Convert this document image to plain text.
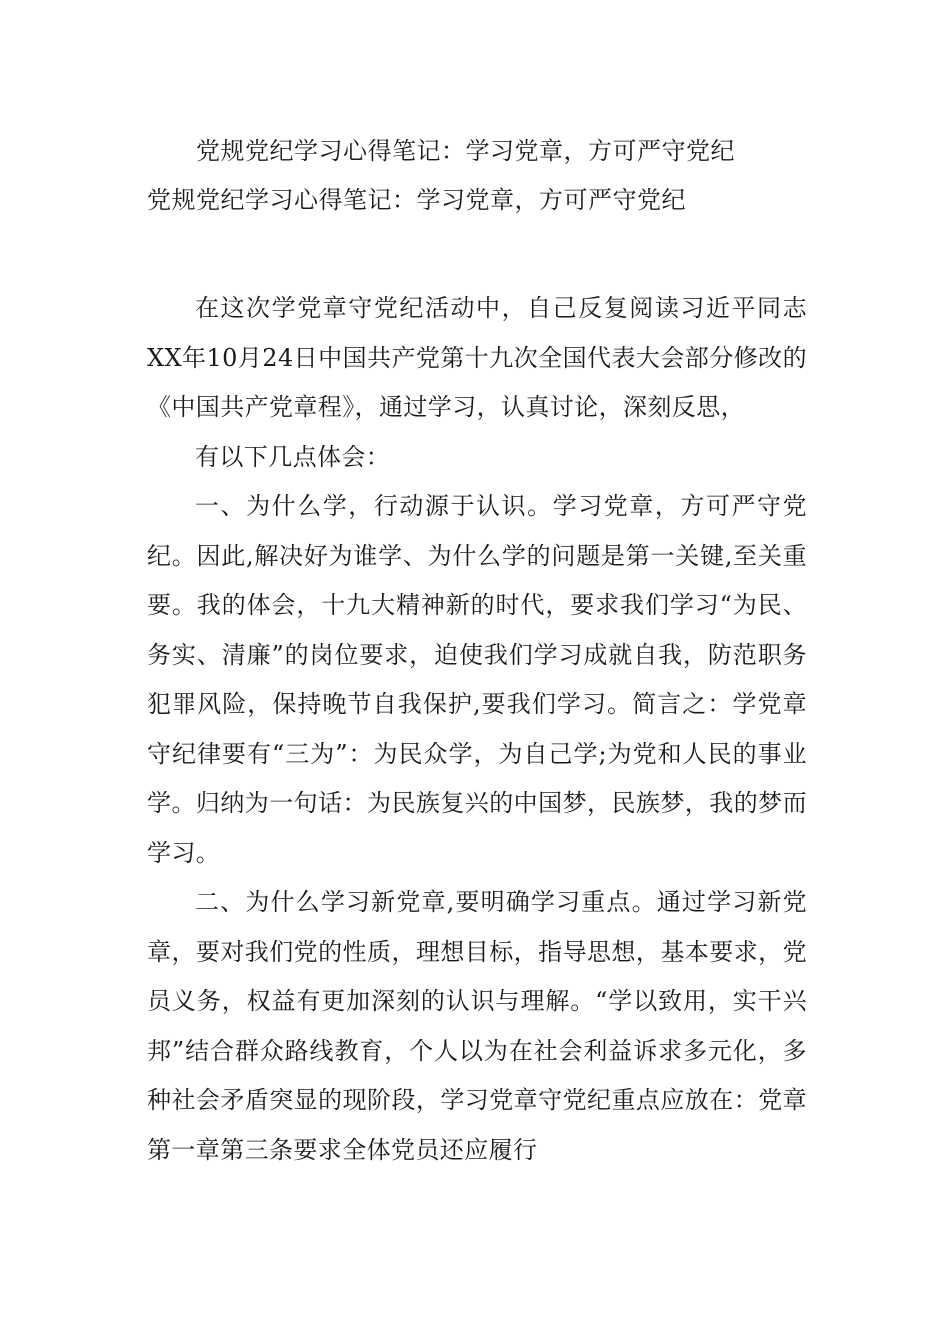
党规党纪学习心得笔记：学习党章，方可严守党纪
党规党纪学习心得笔记：学习党章，方可严守党纪

在这次学党章守党纪活动中，自己反复阅读习近平同志XX年10月24日中国共产党第十九次全国代表大会部分修改的《中国共产党章程》，通过学习，认真讨论，深刻反思，

有以下几点体会：

一、为什么学，行动源于认识。学习党章，方可严守党纪。因此,解决好为谁学、为什么学的问题是第一关键,至关重要。我的体会，十九大精神新的时代，要求我们学习“为民、务实、清廉”的岗位要求，迫使我们学习成就自我，防范职务犯罪风险，保持晚节自我保护,要我们学习。简言之：学党章守纪律要有“三为”：为民众学，为自己学;为党和人民的事业学。归纳为一句话：为民族复兴的中国梦，民族梦，我的梦而学习。

二、为什么学习新党章,要明确学习重点。通过学习新党章，要对我们党的性质，理想目标，指导思想，基本要求，党员义务，权益有更加深刻的认识与理解。“学以致用，实干兴邦”结合群众路线教育，个人以为在社会利益诉求多元化，多种社会矛盾突显的现阶段，学习党章守党纪重点应放在：党章第一章第三条要求全体党员还应履行
